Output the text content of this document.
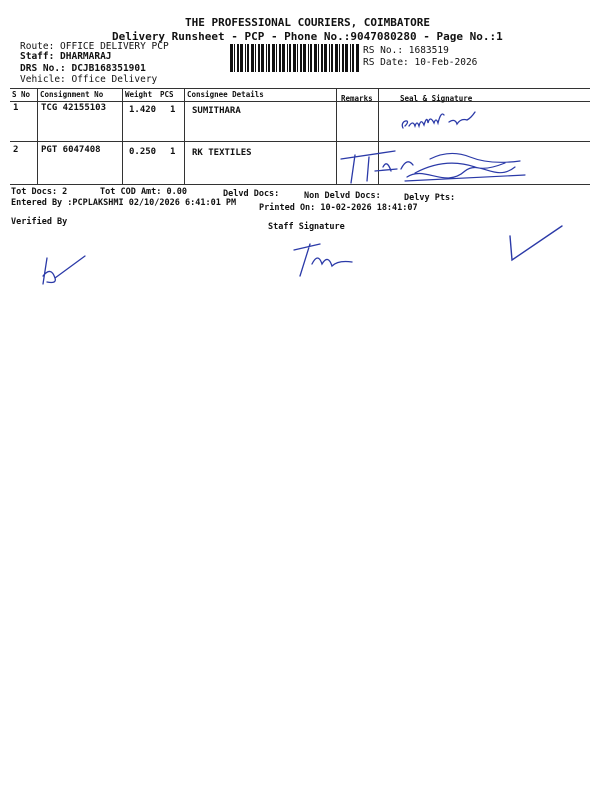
THE PROFESSIONAL COURIERS, COIMBATORE
Delivery Runsheet - PCP - Phone No.:9047080280 - Page No.:1
Route: OFFICE DELIVERY PCP
Staff: DHARMARAJ
DRS No.: DCJB168351901
Vehicle: Office Delivery
RS No.: 1683519
RS Date: 10-Feb-2026
S No Consignment No	Weight PCS Consignee Details	Remarks	Seal & Signature
1	TCG 42155103	1.420 1 SUMITHARA
2	PGT 6047408	0.250 1 RK TEXTILES
Tot Docs: 2	Tot COD Amt: 0.00	Delvd Docs:	Non Delvd Docs:	Delvy Pts:
Entered By :PCPLAKSHMI 02/10/2026 6:41:01 PM	Printed On: 10-02-2026 18:41:07
Verified By	Staff Signature
